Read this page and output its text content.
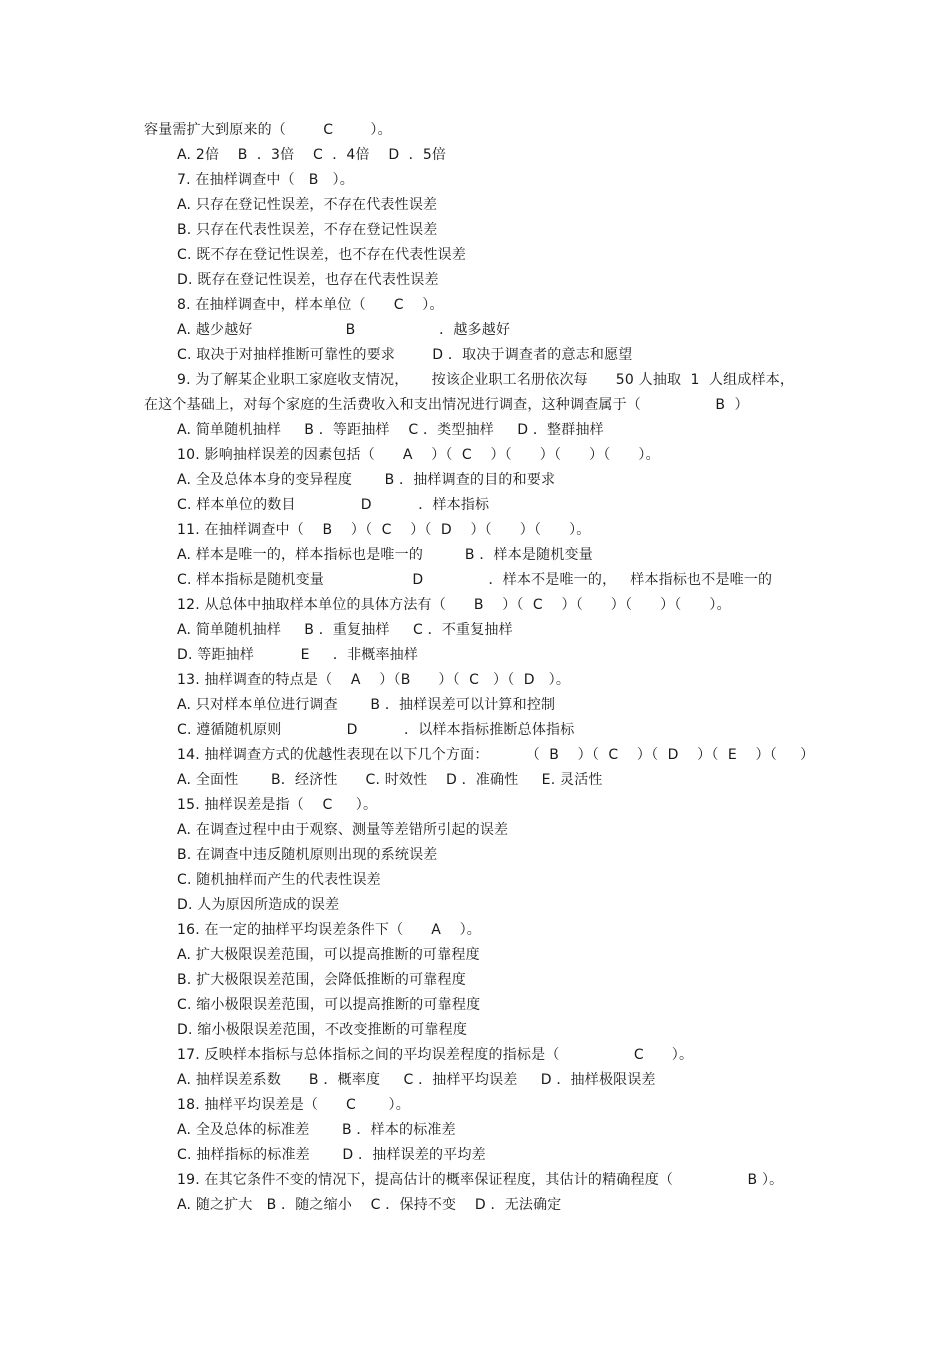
容量需扩大到原来的（        C        ）。
A. 2倍    B  ．3倍    C  ．4倍    D  ．5倍
7. 在抽样调查中（   B   ）。
A. 只存在登记性误差，不存在代表性误差
B. 只存在代表性误差，不存在登记性误差
C. 既不存在登记性误差，也不存在代表性误差
D. 既存在登记性误差，也存在代表性误差
8. 在抽样调查中，样本单位（      C    ）。
A. 越少越好                    B                  ．越多越好
C. 取决于对抽样推断可靠性的要求        D ．取决于调查者的意志和愿望
9. 为了解某企业职工家庭收支情况，     按该企业职工名册依次每      50 人抽取  1  人组成样本，
在这个基础上，对每个家庭的生活费收入和支出情况进行调查，这种调查属于（                B  ）
A. 简单随机抽样     B ．等距抽样    C ．类型抽样     D ．整群抽样
10. 影响抽样误差的因素包括（      A    ）（  C    ）（      ）（      ）（      ）。
A. 全及总体本身的变异程度       B ．抽样调查的目的和要求
C. 样本单位的数目              D          ．样本指标
11. 在抽样调查中（    B    ）（  C    ）（  D    ）（      ）（      ）。
A. 样本是唯一的，样本指标也是唯一的         B ．样本是随机变量
C. 样本指标是随机变量                   D              ．样本不是唯一的，   样本指标也不是唯一的
12. 从总体中抽取样本单位的具体方法有（      B    ）（  C    ）（      ）（      ）（      ）。
A. 简单随机抽样     B ．重复抽样     C ．不重复抽样
D. 等距抽样          E     ．非概率抽样
13. 抽样调查的特点是（    A    ）（B      ）（  C   ）（  D   ）。
A. 只对样本单位进行调查       B ．抽样误差可以计算和控制
C. 遵循随机原则              D          ．以样本指标推断总体指标
14. 抽样调查方式的优越性表现在以下几个方面：        （  B    ）（  C    ）（  D    ）（  E    ）（     ）
A. 全面性       B．经济性      C. 时效性    D ．准确性     E. 灵活性
15. 抽样误差是指（    C     ）。
A. 在调查过程中由于观察、测量等差错所引起的误差
B. 在调查中违反随机原则出现的系统误差
C. 随机抽样而产生的代表性误差
D. 人为原因所造成的误差
16. 在一定的抽样平均误差条件下（      A    ）。
A. 扩大极限误差范围，可以提高推断的可靠程度
B. 扩大极限误差范围，会降低推断的可靠程度
C. 缩小极限误差范围，可以提高推断的可靠程度
D. 缩小极限误差范围，不改变推断的可靠程度
17. 反映样本指标与总体指标之间的平均误差程度的指标是（                C      ）。
A. 抽样误差系数      B ．概率度     C ．抽样平均误差     D ．抽样极限误差
18. 抽样平均误差是（      C       ）。
A. 全及总体的标准差       B ．样本的标准差
C. 抽样指标的标准差       D ．抽样误差的平均差
19. 在其它条件不变的情况下，提高估计的概率保证程度，其估计的精确程度（                B ）。
A. 随之扩大   B ．随之缩小    C ．保持不变    D ．无法确定
